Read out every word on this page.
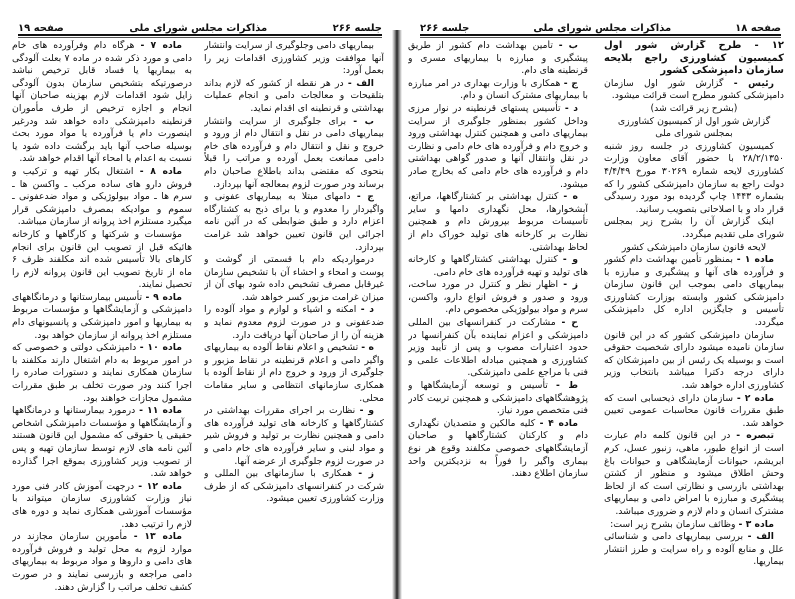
جلسه ۲۶۶
مذاکرات مجلس شورای ملی
صفحه ۱۹

ماده ۷ - هرگاه دام وفرآورده های خام دامی و مورد ذکر شده در ماده ۷ بعلت آلودگی به بیماریها یا فساد قابل ترخیص نباشد درصورتیکه بتشخیص سازمان بدون آلودگی زایل شود اقدامات لازم بهزینه صاحبان آنها انجام و اجازه ترخیص از طرف مأموران قرنطینه دامپزشکی داده خواهد شد ودرغیر اینصورت دام یا فرآورده یا مواد مورد بحث بوسیله صاحب آنها باید برگشت داده شود یا نسبت به اعدام یا امحاء آنها اقدام خواهد شد.

ماده ۸ - اشتغال بکار تهیه و ترکیب و فروش دارو های ساده مرکب ـ واکسن ها ـ سرم ها ـ مواد بیولوژیکی و مواد ضدعفونی ـ سموم و موادیکه بمصرف دامپزشکی قرار میگیرد مستلزم اخذ پروانه از سازمان میباشد.

مؤسسات و شرکتها و کارگاهها و کارخانه هائیکه قبل از تصویب این قانون برای انجام کارهای بالا تأسیس شده اند مکلفند ظرف ۶ ماه از تاریخ تصویب این قانون پروانه لازم را تحصیل نمایند.

ماده ۹ - تأسیس بیمارستانها و درمانگاههای دامپزشکی و آزمایشگاهها و مؤسسات مربوط به بیماریها و امور دامپزشکی و پانسیونهای دام مستلزم اخذ پروانه از سازمان خواهد بود.

ماده ۱۰ - دامپزشکی دولتی و خصوصی که در امور مربوط به دام اشتغال دارند مکلفند با سازمان همکاری نمایند و دستورات صادره را اجرا کنند ودر صورت تخلف بر طبق مقررات مشمول مجازات خواهند بود.

ماده ۱۱ - درمورد بیمارستانها و درمانگاهها و آزمایشگاهها و مؤسسات دامپزشکی اشخاص حقیقی یا حقوقی که مشمول این قانون هستند آئین نامه های لازم توسط سازمان تهیه و پس از تصویب وزیر کشاورزی بموقع اجرا گذارده خواهد شد.

ماده ۱۲ - درجهت آموزش کادر فنی مورد نیاز وزارت کشاورزی سازمان میتواند با مؤسسات آموزشی همکاری نماید و دوره های لازم را ترتیب دهد.

ماده ۱۳ - مأمورین سازمان مجازند در موارد لزوم به محل تولید و فروش فرآورده های دامی و داروها و مواد مربوط به بیماریهای دامی مراجعه و بازرسی نمایند و در صورت کشف تخلف مراتب را گزارش دهند.

بیماریهای دامی وجلوگیری از سرایت وانتشار آنها موافقت وزیر کشاورزی اقدامات زیر را بعمل آورد:

الف - در هر نقطه از کشور که لازم بداند بتلقیحات و معالجات دامی و انجام عملیات بهداشتی و قرنطینه ای اقدام نماید.

ب - برای جلوگیری از سرایت وانتشار بیماریهای دامی در نقل و انتقال دام از ورود و خروج و نقل و انتقال دام و فرآورده های خام دامی ممانعت بعمل آورده و مراتب را قبلاً بنحوی که مقتضی بداند باطلاع صاحبان دام برساند ودر صورت لزوم بمعالجه آنها بپردازد.

ج - دامهای مبتلا به بیماریهای عفونی و واگیردار را معدوم و یا برای ذبح به کشتارگاه اعزام دارد و طبق ضوابطی که در آئین نامه اجرائی این قانون تعیین خواهد شد غرامت بپردازد.

درمواردیکه دام با قسمتی از گوشت و پوست و امحاء و احشاء آن با تشخیص سازمان غیرقابل مصرف تشخیص داده شود بهای آن از میزان غرامت مزبور کسر خواهد شد.

د - امکنه و اشیاء و لوازم و مواد آلوده را ضدعفونی و در صورت لزوم معدوم نماید و هزینه آن را از صاحبان آنها دریافت دارد.

ه - تشخیص و اعلام نقاط آلوده به بیماریهای واگیر دامی و اعلام قرنطینه در نقاط مزبور و جلوگیری از ورود و خروج دام از نقاط آلوده با همکاری سازمانهای انتظامی و سایر مقامات محلی.

و - نظارت بر اجرای مقررات بهداشتی در کشتارگاهها و کارخانه های تولید فرآورده های دامی و همچنین نظارت بر تولید و فروش شیر و مواد لبنی و سایر فرآورده های خام دامی و در صورت لزوم جلوگیری از عرضه آنها.

ز - همکاری با سازمانهای بین المللی و شرکت در کنفرانسهای دامپزشکی که از طرف وزارت کشاورزی تعیین میشود.

صفحه ۱۸
مذاکرات مجلس شورای ملی
جلسه ۲۶۶

ب - تأمین بهداشت دام کشور از طریق پیشگیری و مبارزه با بیماریهای مسری و قرنطینه های دام.

ج - همکاری با وزارت بهداری در امر مبارزه با بیماریهای مشترک انسان و دام.

د - تأسیس پستهای قرنطینه در نوار مرزی وداخل کشور بمنظور جلوگیری از سرایت بیماریهای دامی و همچنین کنترل بهداشتی ورود و خروج دام و فرآورده های خام دامی و نظارت در نقل وانتقال آنها و صدور گواهی بهداشتی دام و فرآورده های خام دامی که بخارج صادر میشود.

ه - کنترل بهداشتی بر کشتارگاهها، مراتع، آبشخوارها، محل نگهداری دامها و سایر تأسیسات مربوط بپرورش دام و همچنین نظارت بر کارخانه های تولید خوراک دام از لحاظ بهداشتی.

و - کنترل بهداشتی کشتارگاهها و کارخانه های تولید و تهیه فرآورده های خام دامی.

ز - اظهار نظر و کنترل در مورد ساخت، ورود و صدور و فروش انواع دارو، واکسن، سرم و مواد بیولوژیکی مخصوص دام.

ح - مشارکت در کنفرانسهای بین المللی دامپزشکی و اعزام نماینده بآن کنفرانسها در حدود اعتبارات مصوب و پس از تأیید وزیر کشاورزی و همچنین مبادله اطلاعات علمی و فنی با مراجع علمی دامپزشکی.

ط - تأسیس و توسعه آزمایشگاهها و پژوهشگاههای دامپزشکی و همچنین تربیت کادر فنی متخصص مورد نیاز.

ماده ۴ - کلیه مالکین و متصدیان نگهداری دام و کارکنان کشتارگاهها و صاحبان آزمایشگاههای خصوصی مکلفند وقوع هر نوع بیماری واگیر را فوراً به نزدیکترین واحد سازمان اطلاع دهند.

۱۲ - طرح گزارش شور اول کمیسیون کشاورزی راجع بلایحه سازمان دامپزشکی کشور

رئیس - گزارش شور اول سازمان دامپزشکی کشور مطرح است قرائت میشود.

(بشرح زیر قرائت شد)

گزارش شور اول از کمیسیون کشاورزی

بمجلس شورای ملی

کمیسیون کشاورزی در جلسه روز شنبه ۲۸/۲/۱۳۵۰ با حضور آقای معاون وزارت کشاورزی لایحه شماره ۳۰۲۶۹ مورخ ۴/۴/۴۹ دولت راجع به سازمان دامپزشکی کشور را که بشماره ۱۴۴۳ چاپ گردیده بود مورد رسیدگی قرار داد و با اصلاحاتی بتصویب رسانید.

اینک گزارش آن را بشرح زیر بمجلس شورای ملی تقدیم میگردد.

لایحه قانون سازمان دامپزشکی کشور

ماده ۱ - بمنظور تأمین بهداشت دام کشور و فرآورده های آنها و پیشگیری و مبارزه با بیماریهای دامی بموجب این قانون سازمان دامپزشکی کشور وابسته بوزارت کشاورزی تأسیس و جایگزین اداره کل دامپزشکی میگردد.

سازمان دامپزشکی کشور که در این قانون سازمان نامیده میشود دارای شخصیت حقوقی است و بوسیله یک رئیس از بین دامپزشکان که دارای درجه دکترا میباشد بانتخاب وزیر کشاورزی اداره خواهد شد.

ماده ۲ - سازمان دارای ذیحسابی است که طبق مقررات قانون محاسبات عمومی تعیین خواهد شد.

تبصره - در این قانون کلمه دام عبارت است از انواع طیور، ماهی، زنبور عسل، کرم ابریشم، حیوانات آزمایشگاهی و حیوانات باغ وحش اطلاق میشود و منظور از کشتن بهداشتی بازرسی و نظارتی است که از لحاظ پیشگیری و مبارزه با امراض دامی و بیماریهای مشترک انسان و دام لازم و ضروری میباشد.

ماده ۳ - وظائف سازمان بشرح زیر است:

الف - بررسی بیماریهای دامی و شناسائی علل و منابع آلوده و راه سرایت و طرز انتشار بیماریها.
